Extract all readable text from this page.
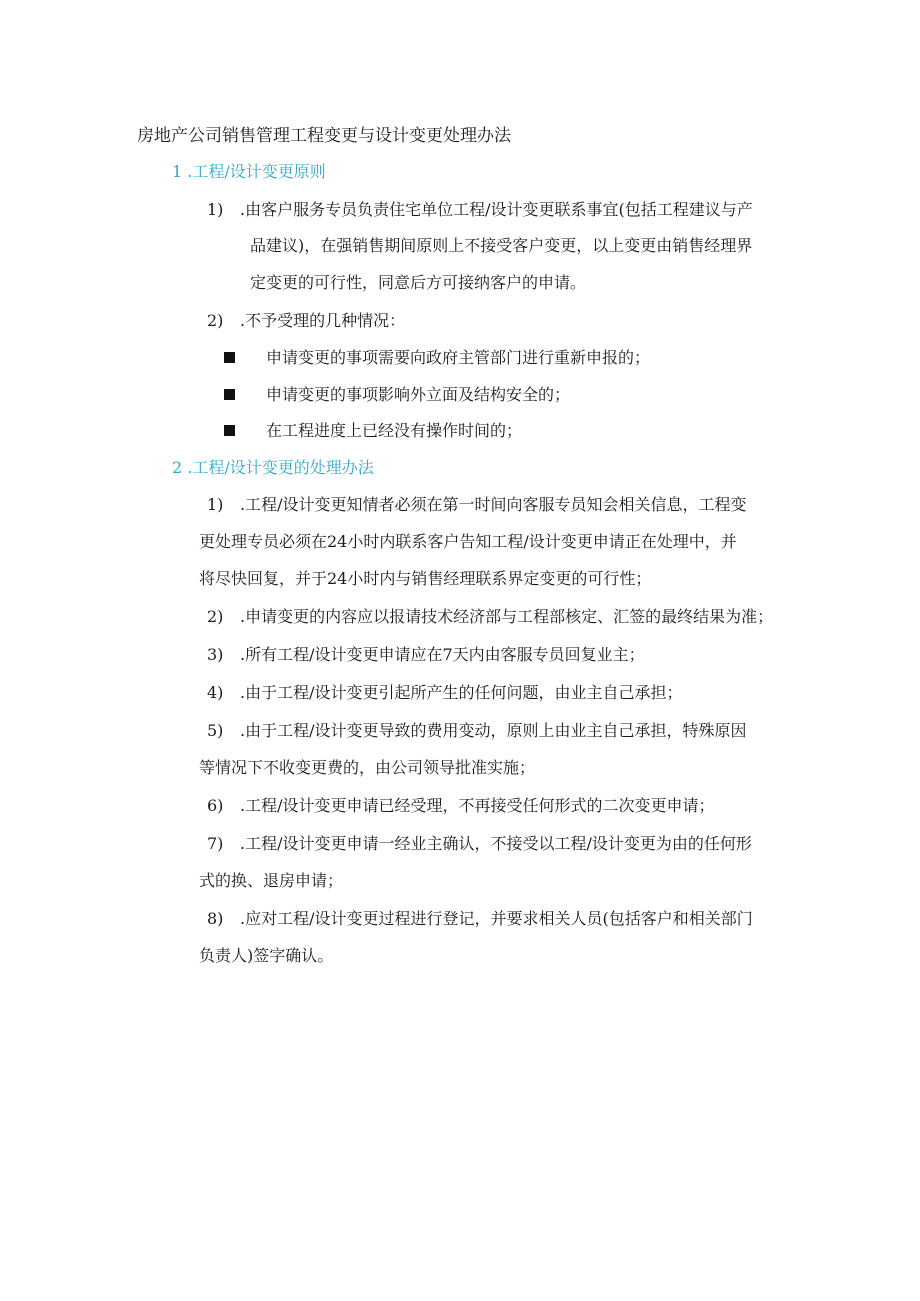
房地产公司销售管理工程变更与设计变更处理办法
1 .工程/设计变更原则
1) .由客户服务专员负责住宅单位工程/设计变更联系事宜(包括工程建议与产
品建议)，在强销售期间原则上不接受客户变更，以上变更由销售经理界
定变更的可行性，同意后方可接纳客户的申请。
2) .不予受理的几种情况：
申请变更的事项需要向政府主管部门进行重新申报的；
申请变更的事项影响外立面及结构安全的；
在工程进度上已经没有操作时间的；
2 .工程/设计变更的处理办法
1) .工程/设计变更知情者必须在第一时间向客服专员知会相关信息，工程变
更处理专员必须在24小时内联系客户告知工程/设计变更申请正在处理中，并
将尽快回复，并于24小时内与销售经理联系界定变更的可行性；
2) .申请变更的内容应以报请技术经济部与工程部核定、汇签的最终结果为准；
3) .所有工程/设计变更申请应在7天内由客服专员回复业主；
4) .由于工程/设计变更引起所产生的任何问题，由业主自己承担；
5) .由于工程/设计变更导致的费用变动，原则上由业主自己承担，特殊原因
等情况下不收变更费的，由公司领导批准实施；
6) .工程/设计变更申请已经受理，不再接受任何形式的二次变更申请；
7) .工程/设计变更申请一经业主确认，不接受以工程/设计变更为由的任何形
式的换、退房申请；
8) .应对工程/设计变更过程进行登记，并要求相关人员(包括客户和相关部门
负责人)签字确认。
